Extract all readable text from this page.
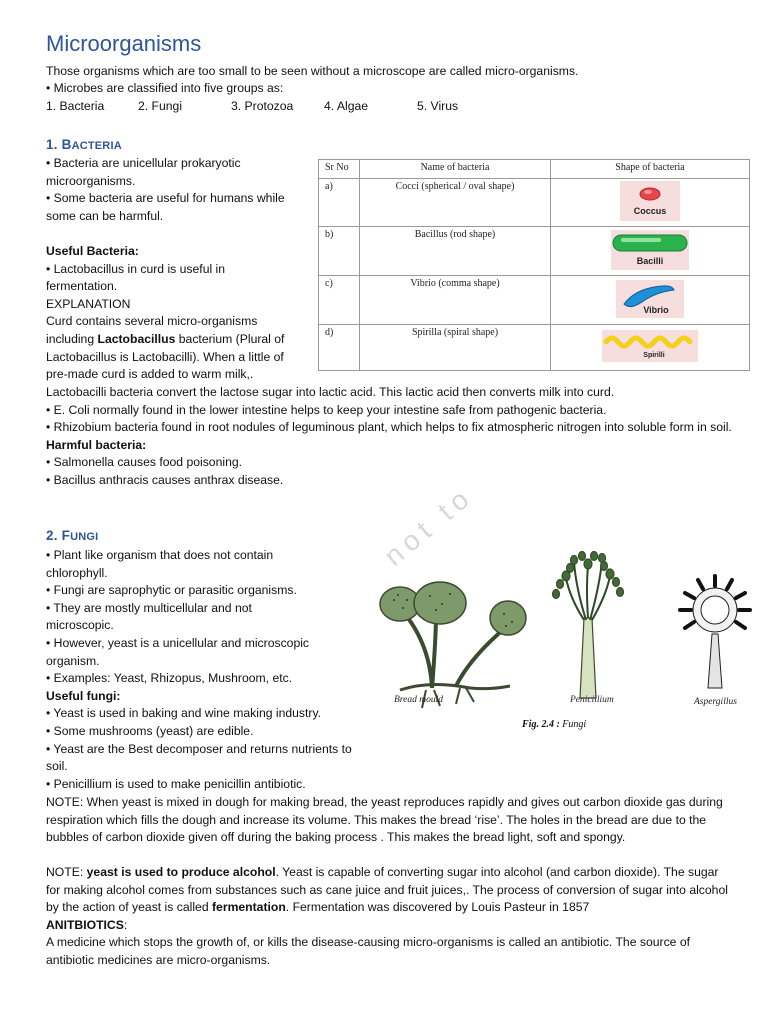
Microorganisms
Those organisms which are too small to be seen without a microscope are called micro-organisms.
• Microbes are classified into five groups as:
1. Bacteria	2. Fungi	3. Protozoa	4. Algae	5. Virus
1. BACTERIA
• Bacteria are unicellular prokaryotic
microorganisms.
• Some bacteria are useful for humans while
some can be harmful.
Useful Bacteria:
• Lactobacillus in curd is useful in
fermentation.
EXPLANATION
Curd contains several micro-organisms
including Lactobacillus bacterium (Plural of
Lactobacillus is Lactobacilli). When a little of
pre-made curd is added to warm milk,.
Sr No	Name of bacteria	Shape of bacteria
a)	Cocci (spherical / oval shape)	Coccus

b)	Bacillus (rod shape)	Bacilli

c)	Vibrio (comma shape)	Vibrio

d)	Spirilla (spiral shape)	Spirilli
Lactobacilli bacteria convert the lactose sugar into lactic acid. This lactic acid then converts milk into curd.
• E. Coli normally found in the lower intestine helps to keep your intestine safe from pathogenic bacteria.
• Rhizobium bacteria found in root nodules of leguminous plant, which helps to fix atmospheric nitrogen into soluble form in soil.
Harmful bacteria:
• Salmonella causes food poisoning.
• Bacillus anthracis causes anthrax disease.
2. FUNGI
• Plant like organism that does not contain
chlorophyll.
• Fungi are saprophytic or parasitic organisms.
• They are mostly multicellular and not
microscopic.
• However, yeast is a unicellular and microscopic
organism.
• Examples: Yeast, Rhizopus, Mushroom, etc.
Useful fungi:
• Yeast is used in baking and wine making industry.
• Some mushrooms (yeast) are edible.
• Yeast are the Best decomposer and returns nutrients to soil.
• Penicillium is used to make penicillin antibiotic.
not to
Bread mould	Penicillium	Aspergillus
Fig. 2.4 : Fungi

NOTE: When yeast is mixed in dough for making bread, the yeast reproduces rapidly and gives out carbon dioxide gas during respiration which fills the dough and increase its volume. This makes the bread ‘rise’. The holes in the bread are due to the bubbles of carbon dioxide given off during the baking process . This makes the bread light, soft and spongy.

NOTE: yeast is used to produce alcohol. Yeast is capable of converting sugar into alcohol (and carbon dioxide). The sugar for making alcohol comes from substances such as cane juice and fruit juices,. The process of conversion of sugar into alcohol by the action of yeast is called fermentation. Fermentation was discovered by Louis Pasteur in 1857

ANITBIOTICS:

A medicine which stops the growth of, or kills the disease-causing micro-organisms is called an antibiotic. The source of antibiotic medicines are micro-organisms.
